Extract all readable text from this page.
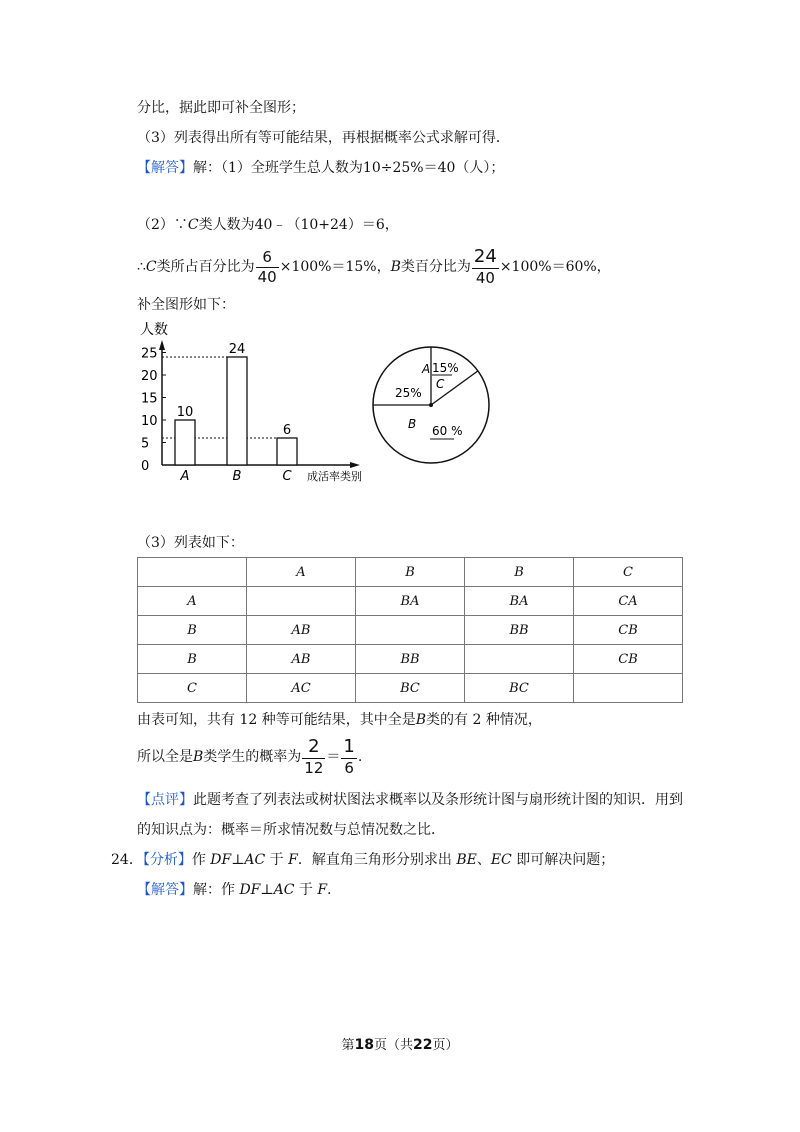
分比，据此即可补全图形；
（3）列表得出所有等可能结果，再根据概率公式求解可得．
【解答】解：（1）全班学生总人数为10÷25%＝40（人）；
（2）∵C类人数为40﹣（10+24）＝6，
∴C类所占百分比为 $\frac{6}{40} \times 100\%=15\%$，B类百分比为 $\frac{24}{40} \times 100\%=60\%$，
补全图形如下：
人数
0
5
10
15
20
25
10
A
24
B
6
C 成活率类别
A
25%
15%
C
B 60 %
（3）列表如下：
	A	B	B	C
A		BA	BA	CA
B	AB		BB	CB
B	AB	BB		CB
C	AC	BC	BC	
由表可知，共有 12 种等可能结果，其中全是B类的有 2 种情况，
所以全是B类学生的概率为 $\frac{2}{12} = \frac{1}{6}$ .
【点评】此题考查了列表法或树状图法求概率以及条形统计图与扇形统计图的知识．用到
的知识点为：概率＝所求情况数与总情况数之比．
24．【分析】作 DF⊥AC 于 F．解直角三角形分别求出 BE、EC 即可解决问题；
【解答】解：作 DF⊥AC 于 F.
第18页（共22页）
